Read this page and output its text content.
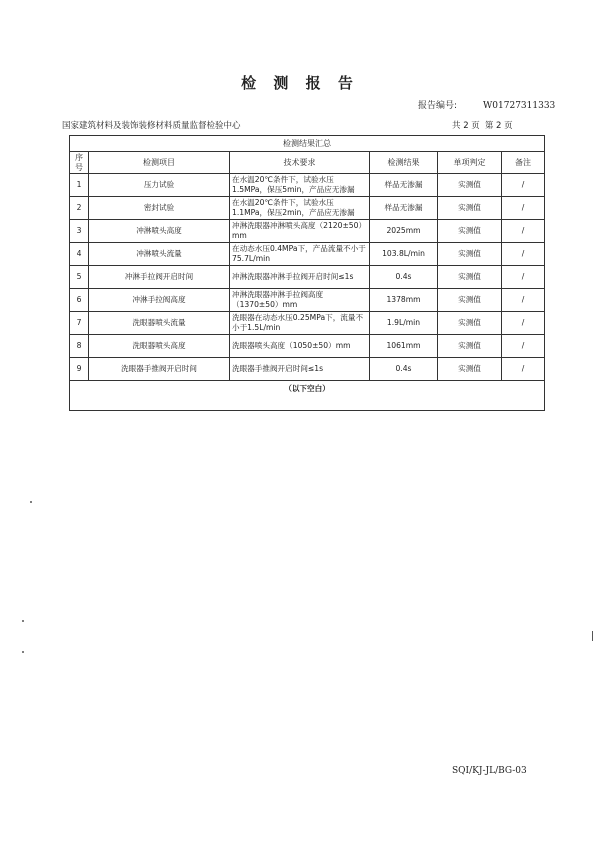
检 测 报 告
报告编号:	W01727311333
国家建筑材料及装饰装修材料质量监督检验中心	共 2 页 第 2 页
检测结果汇总					
序号	检测项目	技术要求	检测结果	单项判定	备注
1	压力试验	在水温20℃条件下，试验水压1.5MPa，保压5min，产品应无渗漏	样品无渗漏	实测值	/
2	密封试验	在水温20℃条件下，试验水压1.1MPa，保压2min，产品应无渗漏	样品无渗漏	实测值	/
3	冲淋喷头高度	冲淋洗眼器冲淋喷头高度（2120±50）mm	2025mm	实测值	/
4	冲淋喷头流量	在动态水压0.4MPa下，产品流量不小于75.7L/min	103.8L/min	实测值	/
5	冲淋手拉阀开启时间	冲淋洗眼器冲淋手拉阀开启时间≤1s	0.4s	实测值	/
6	冲淋手拉阀高度	冲淋洗眼器冲淋手拉阀高度（1370±50）mm	1378mm	实测值	/
7	洗眼器喷头流量	洗眼器在动态水压0.25MPa下，流量不小于1.5L/min	1.9L/min	实测值	/
8	洗眼器喷头高度	洗眼器喷头高度（1050±50）mm	1061mm	实测值	/
9	洗眼器手推阀开启时间	洗眼器手推阀开启时间≤1s	0.4s	实测值	/
（以下空白）					

SQI/KJ-JL/BG-03
